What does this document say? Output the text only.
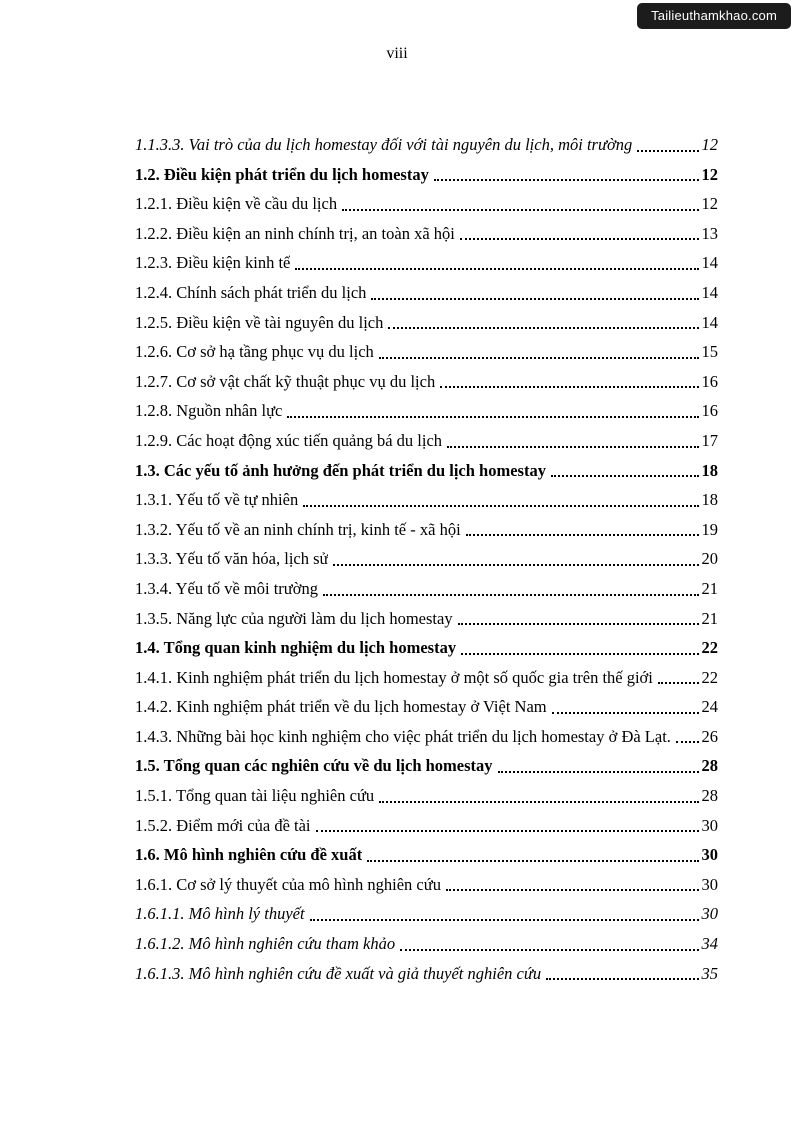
Tailieuthamkhao.com
viii
1.1.3.3. Vai trò của du lịch homestay đối với tài nguyên du lịch, môi trường	12
1.2. Điều kiện phát triển du lịch homestay	12
1.2.1. Điều kiện về cầu du lịch	12
1.2.2. Điều kiện an ninh chính trị, an toàn xã hội	13
1.2.3. Điều kiện kinh tế	14
1.2.4. Chính sách phát triển du lịch	14
1.2.5. Điều kiện về tài nguyên du lịch	14
1.2.6. Cơ sở hạ tầng phục vụ du lịch	15
1.2.7. Cơ sở vật chất kỹ thuật phục vụ du lịch	16
1.2.8. Nguồn nhân lực	16
1.2.9. Các hoạt động xúc tiến quảng bá du lịch	17
1.3. Các yếu tố ảnh hưởng đến phát triển du lịch homestay	18
1.3.1. Yếu tố về tự nhiên	18
1.3.2. Yếu tố về an ninh chính trị, kinh tế - xã hội	19
1.3.3. Yếu tố văn hóa, lịch sử	20
1.3.4. Yếu tố về môi trường	21
1.3.5. Năng lực của người làm du lịch homestay	21
1.4. Tổng quan kinh nghiệm du lịch homestay	22
1.4.1. Kinh nghiệm phát triển du lịch homestay ở một số quốc gia trên thế giới	22
1.4.2. Kinh nghiệm phát triển về du lịch homestay ở Việt Nam	24
1.4.3. Những bài học kinh nghiệm cho việc phát triển du lịch homestay ở Đà Lạt. 26
1.5. Tổng quan các nghiên cứu về du lịch homestay	28
1.5.1. Tổng quan tài liệu nghiên cứu	28
1.5.2. Điểm mới của đề tài	30
1.6. Mô hình nghiên cứu đề xuất	30
1.6.1. Cơ sở lý thuyết của mô hình nghiên cứu	30
1.6.1.1. Mô hình lý thuyết	30
1.6.1.2. Mô hình nghiên cứu tham khảo	34
1.6.1.3. Mô hình nghiên cứu đề xuất và giả thuyết nghiên cứu	35
